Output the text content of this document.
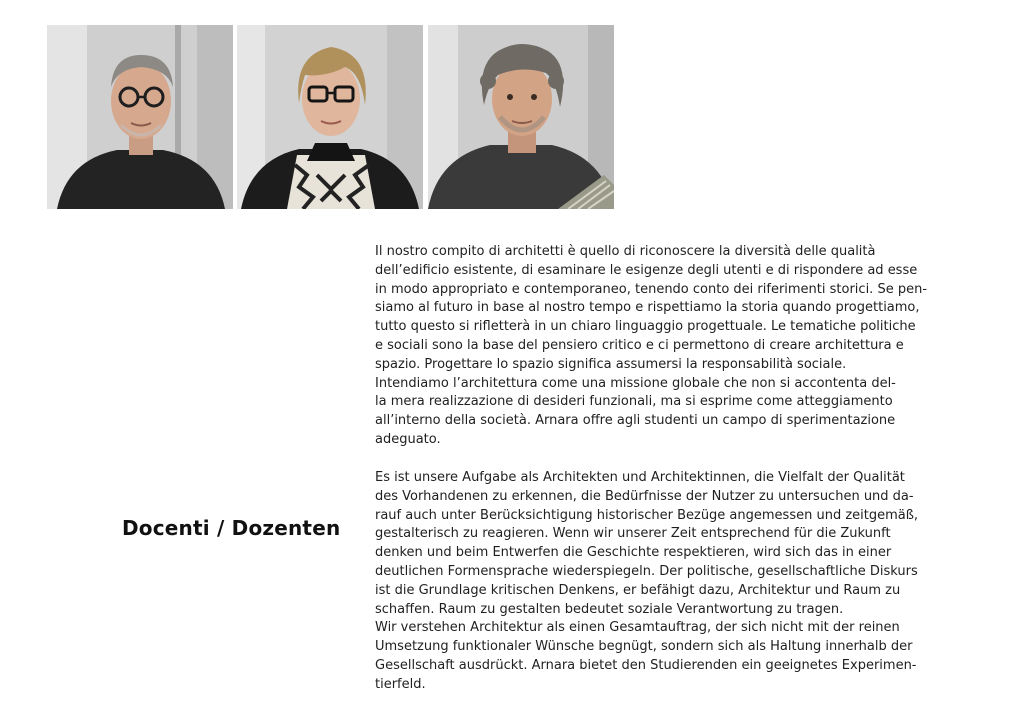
Docenti / Dozenten
Il nostro compito di architetti è quello di riconoscere la diversità delle qualità
dell’edificio esistente, di esaminare le esigenze degli utenti e di rispondere ad esse
in modo appropriato e contemporaneo, tenendo conto dei riferimenti storici. Se pen-
siamo al futuro in base al nostro tempo e rispettiamo la storia quando progettiamo,
tutto questo si rifletterà in un chiaro linguaggio progettuale. Le tematiche politiche
e sociali sono la base del pensiero critico e ci permettono di creare architettura e
spazio. Progettare lo spazio significa assumersi la responsabilità sociale.
Intendiamo l’architettura come una missione globale che non si accontenta del-
la mera realizzazione di desideri funzionali, ma si esprime come atteggiamento
all’interno della società. Arnara offre agli studenti un campo di sperimentazione
adeguato.
Es ist unsere Aufgabe als Architekten und Architektinnen, die Vielfalt der Qualität
des Vorhandenen zu erkennen, die Bedürfnisse der Nutzer zu untersuchen und da-
rauf auch unter Berücksichtigung historischer Bezüge angemessen und zeitgemäß,
gestalterisch zu reagieren. Wenn wir unserer Zeit entsprechend für die Zukunft
denken und beim Entwerfen die Geschichte respektieren, wird sich das in einer
deutlichen Formensprache wiederspiegeln. Der politische, gesellschaftliche Diskurs
ist die Grundlage kritischen Denkens, er befähigt dazu, Architektur und Raum zu
schaffen. Raum zu gestalten bedeutet soziale Verantwortung zu tragen.
Wir verstehen Architektur als einen Gesamtauftrag, der sich nicht mit der reinen
Umsetzung funktionaler Wünsche begnügt, sondern sich als Haltung innerhalb der
Gesellschaft ausdrückt. Arnara bietet den Studierenden ein geeignetes Experimen-
tierfeld.
